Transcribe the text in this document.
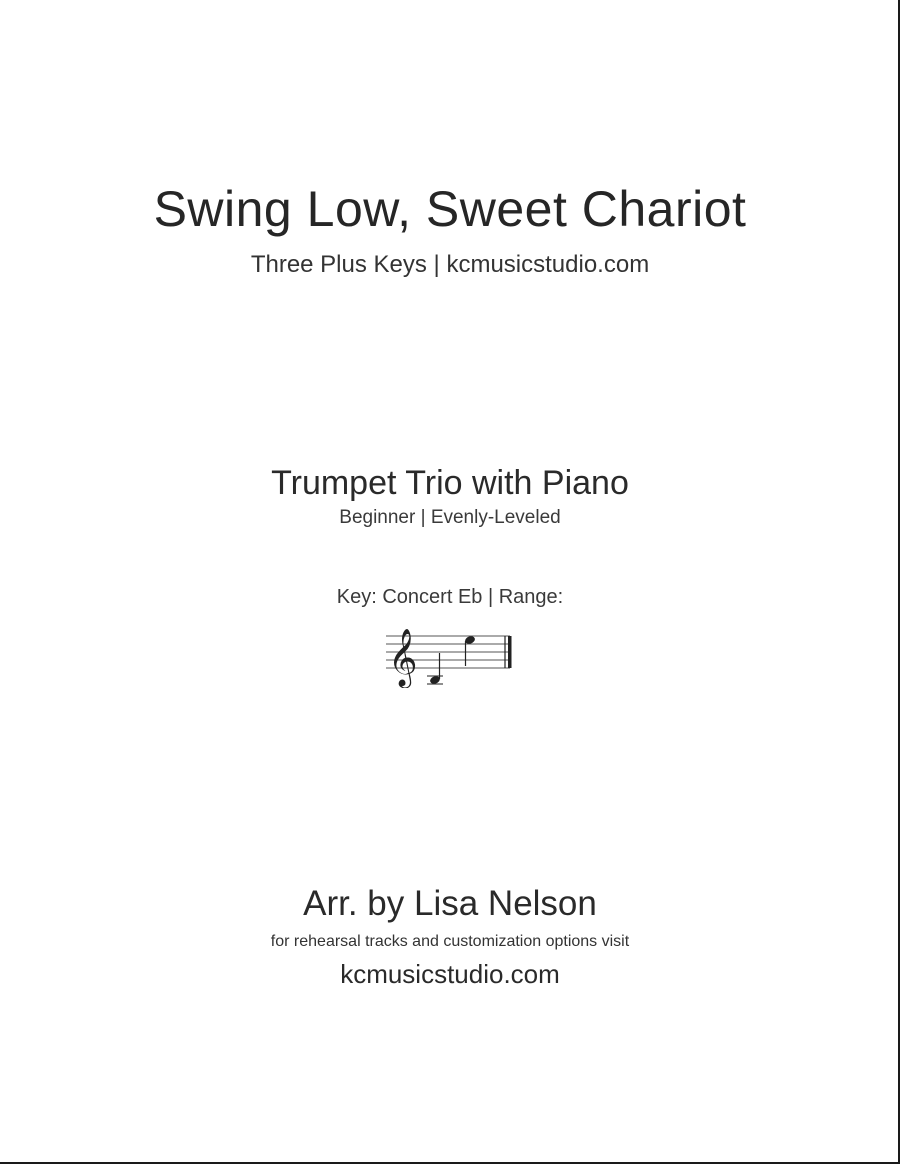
Swing Low, Sweet Chariot
Three Plus Keys | kcmusicstudio.com
Trumpet Trio with Piano
Beginner | Evenly-Leveled
Key: Concert Eb | Range:
𝄞
Arr. by Lisa Nelson
for rehearsal tracks and customization options visit
kcmusicstudio.com
